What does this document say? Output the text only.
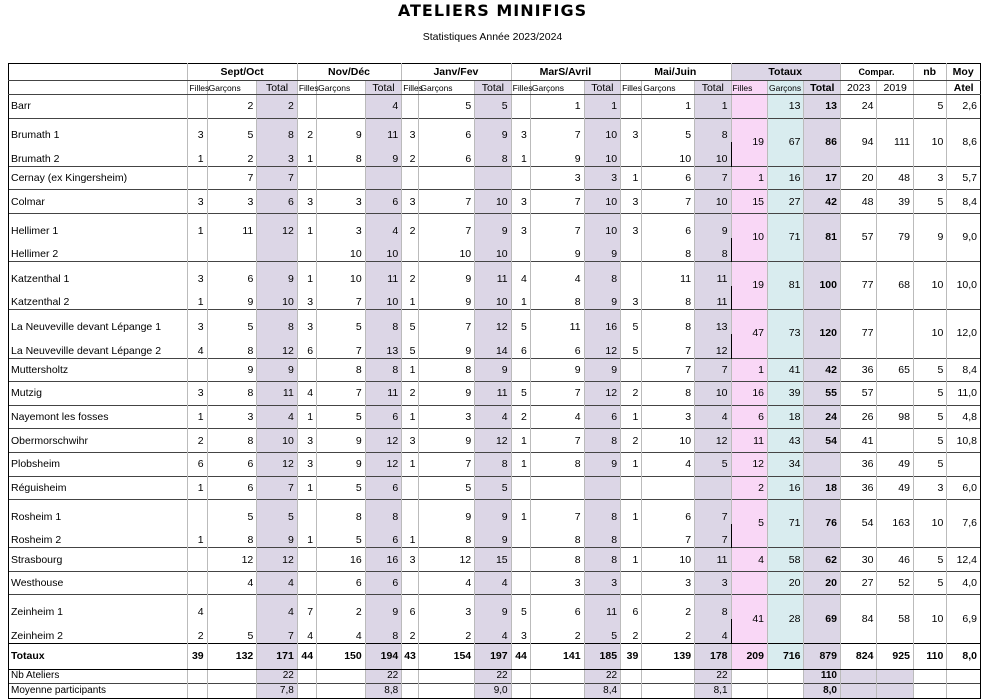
ATELIERS MINIFIGS
Statistiques Année 2023/2024
	Sept/Oct			Nov/Déc			Janv/Fev			MarS/Avril			Mai/Juin			Totaux			Compar.		nb	Moy
	Filles	Garçons	Total	Filles	Garçons	Total	Filles	Garçons	Total	Filles	Garçons	Total	Filles	Garçons	Total	Filles	Garçons	Total	2023	2019		Atel
Barr		2	2			4		5	5		1	1		1	1		13	13	24		5	2,6
Brumath 1	3	5	8	2	9	11	3	6	9	3	7	10	3	5	8	19	67	86	94	111	10	8,6
Brumath 2	1	2	3	1	8	9	2	6	8	1	9	10		10	10							
Cernay (ex Kingersheim)		7	7								3	3	1	6	7	1	16	17	20	48	3	5,7
Colmar	3	3	6	3	3	6	3	7	10	3	7	10	3	7	10	15	27	42	48	39	5	8,4
Hellimer 1	1	11	12	1	3	4	2	7	9	3	7	10	3	6	9	10	71	81	57	79	9	9,0
Hellimer 2					10	10		10	10		9	9		8	8							
Katzenthal 1	3	6	9	1	10	11	2	9	11	4	4	8		11	11	19	81	100	77	68	10	10,0
Katzenthal 2	1	9	10	3	7	10	1	9	10	1	8	9	3	8	11							
La Neuveville devant Lépange 1	3	5	8	3	5	8	5	7	12	5	11	16	5	8	13	47	73	120	77		10	12,0
La Neuveville devant Lépange 2	4	8	12	6	7	13	5	9	14	6	6	12	5	7	12							
Muttersholtz		9	9		8	8	1	8	9		9	9		7	7	1	41	42	36	65	5	8,4
Mutzig	3	8	11	4	7	11	2	9	11	5	7	12	2	8	10	16	39	55	57		5	11,0
Nayemont les fosses	1	3	4	1	5	6	1	3	4	2	4	6	1	3	4	6	18	24	26	98	5	4,8
Obermorschwihr	2	8	10	3	9	12	3	9	12	1	7	8	2	10	12	11	43	54	41		5	10,8
Plobsheim	6	6	12	3	9	12	1	7	8	1	8	9	1	4	5	12	34		36	49	5	
Réguisheim	1	6	7	1	5	6		5	5							2	16	18	36	49	3	6,0
Rosheim 1		5	5		8	8		9	9	1	7	8	1	6	7	5	71	76	54	163	10	7,6
Rosheim 2	1	8	9	1	5	6	1	8	9		8	8		7	7							
Strasbourg		12	12		16	16	3	12	15		8	8	1	10	11	4	58	62	30	46	5	12,4
Westhouse		4	4		6	6		4	4		3	3		3	3		20	20	27	52	5	4,0
Zeinheim 1	4		4	7	2	9	6	3	9	5	6	11	6	2	8	41	28	69	84	58	10	6,9
Zeinheim 2	2	5	7	4	4	8	2	2	4	3	2	5	2	2	4							
Totaux	39	132	171	44	150	194	43	154	197	44	141	185	39	139	178	209	716	879	824	925	110	8,0
Nb Ateliers			22			22			22			22			22			110				
Moyenne participants			7,8			8,8			9,0			8,4			8,1			8,0				
